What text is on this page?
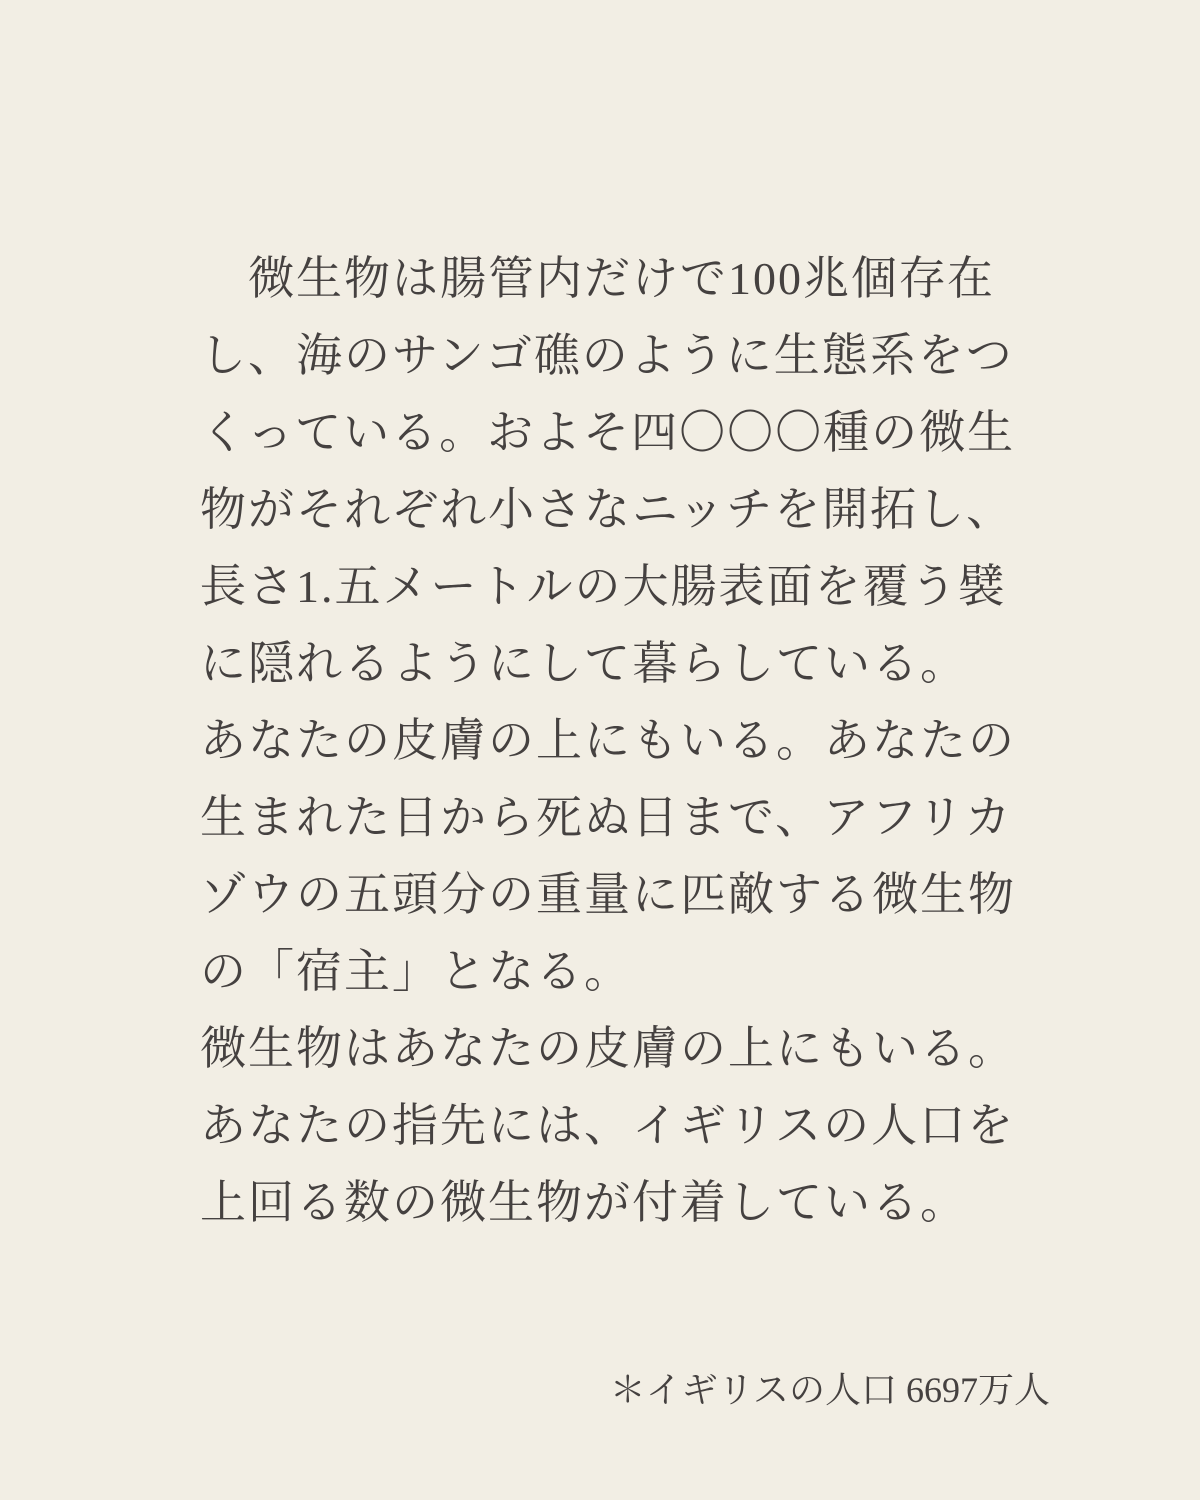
微生物は腸管内だけで100兆個存在
し、海のサンゴ礁のように生態系をつ
くっている。およそ四〇〇〇種の微生
物がそれぞれ小さなニッチを開拓し、
長さ1.五メートルの大腸表面を覆う襞
に隠れるようにして暮らしている。
あなたの皮膚の上にもいる。あなたの
生まれた日から死ぬ日まで、アフリカ
ゾウの五頭分の重量に匹敵する微生物
の「宿主」となる。
微生物はあなたの皮膚の上にもいる。
あなたの指先には、イギリスの人口を
上回る数の微生物が付着している。
＊イギリスの人口 6697万人
